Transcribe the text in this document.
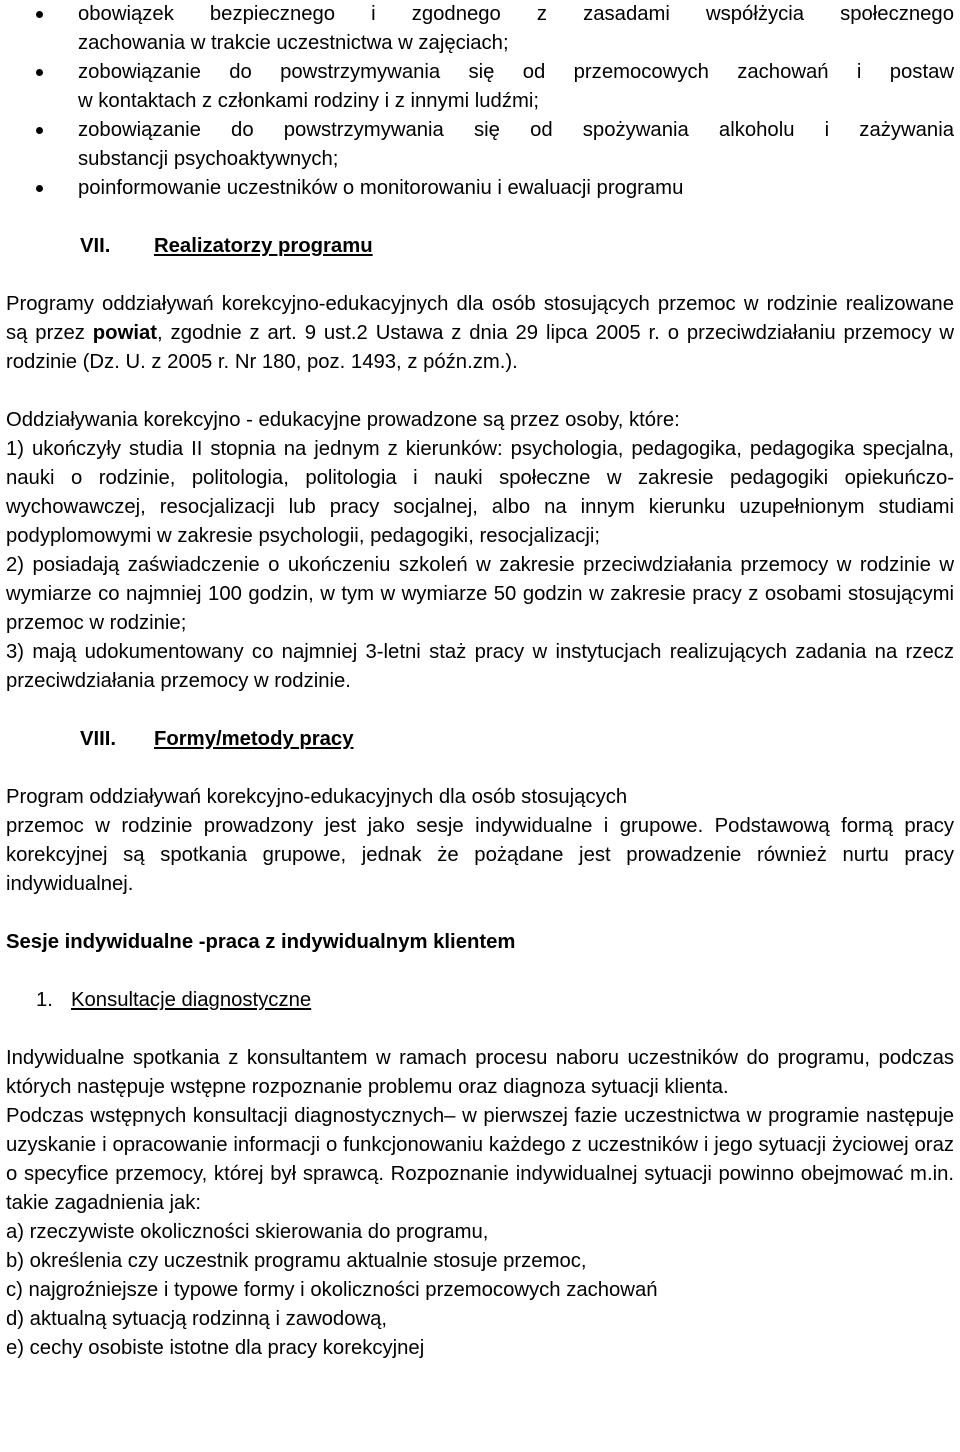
obowiązek bezpiecznego i zgodnego z zasadami współżycia społecznego
zachowania w trakcie uczestnictwa w zajęciach;
zobowiązanie do powstrzymywania się od przemocowych zachowań i postaw
w kontaktach z członkami rodziny i z innymi ludźmi;
zobowiązanie do powstrzymywania się od spożywania alkoholu i zażywania
substancji psychoaktywnych;
poinformowanie uczestników o monitorowaniu i ewaluacji programu
VII.	Realizatorzy programu

Programy oddziaływań korekcyjno-edukacyjnych dla osób stosujących przemoc w rodzinie realizowane są przez powiat, zgodnie z art. 9 ust.2 Ustawa z dnia 29 lipca 2005 r. o przeciwdziałaniu przemocy w rodzinie (Dz. U. z 2005 r. Nr 180, poz. 1493, z późn.zm.).

Oddziaływania korekcyjno - edukacyjne prowadzone są przez osoby, które:

1) ukończyły studia II stopnia na jednym z kierunków: psychologia, pedagogika, pedagogika specjalna, nauki o rodzinie, politologia, politologia i nauki społeczne w zakresie pedagogiki opiekuńczo-wychowawczej, resocjalizacji lub pracy socjalnej, albo na innym kierunku uzupełnionym studiami podyplomowymi w zakresie psychologii, pedagogiki, resocjalizacji;

2) posiadają zaświadczenie o ukończeniu szkoleń w zakresie przeciwdziałania przemocy w rodzinie w wymiarze co najmniej 100 godzin, w tym w wymiarze 50 godzin w zakresie pracy z osobami stosującymi przemoc w rodzinie;

3) mają udokumentowany co najmniej 3-letni staż pracy w instytucjach realizujących zadania na rzecz przeciwdziałania przemocy w rodzinie.

VIII.	Formy/metody pracy

Program oddziaływań korekcyjno-edukacyjnych dla osób stosujących

przemoc w rodzinie prowadzony jest jako sesje indywidualne i grupowe. Podstawową formą pracy korekcyjnej są spotkania grupowe, jednak że pożądane jest prowadzenie również nurtu pracy indywidualnej.

Sesje indywidualne -praca z indywidualnym klientem

1. Konsultacje diagnostyczne

Indywidualne spotkania z konsultantem w ramach procesu naboru uczestników do programu, podczas których następuje wstępne rozpoznanie problemu oraz diagnoza sytuacji klienta.

Podczas wstępnych konsultacji diagnostycznych– w pierwszej fazie uczestnictwa w programie następuje uzyskanie i opracowanie informacji o funkcjonowaniu każdego z uczestników i jego sytuacji życiowej oraz o specyfice przemocy, której był sprawcą. Rozpoznanie indywidualnej sytuacji powinno obejmować m.in. takie zagadnienia jak:

a) rzeczywiste okoliczności skierowania do programu,

b) określenia czy uczestnik programu aktualnie stosuje przemoc,

c) najgroźniejsze i typowe formy i okoliczności przemocowych zachowań

d) aktualną sytuacją rodzinną i zawodową,

e) cechy osobiste istotne dla pracy korekcyjnej
